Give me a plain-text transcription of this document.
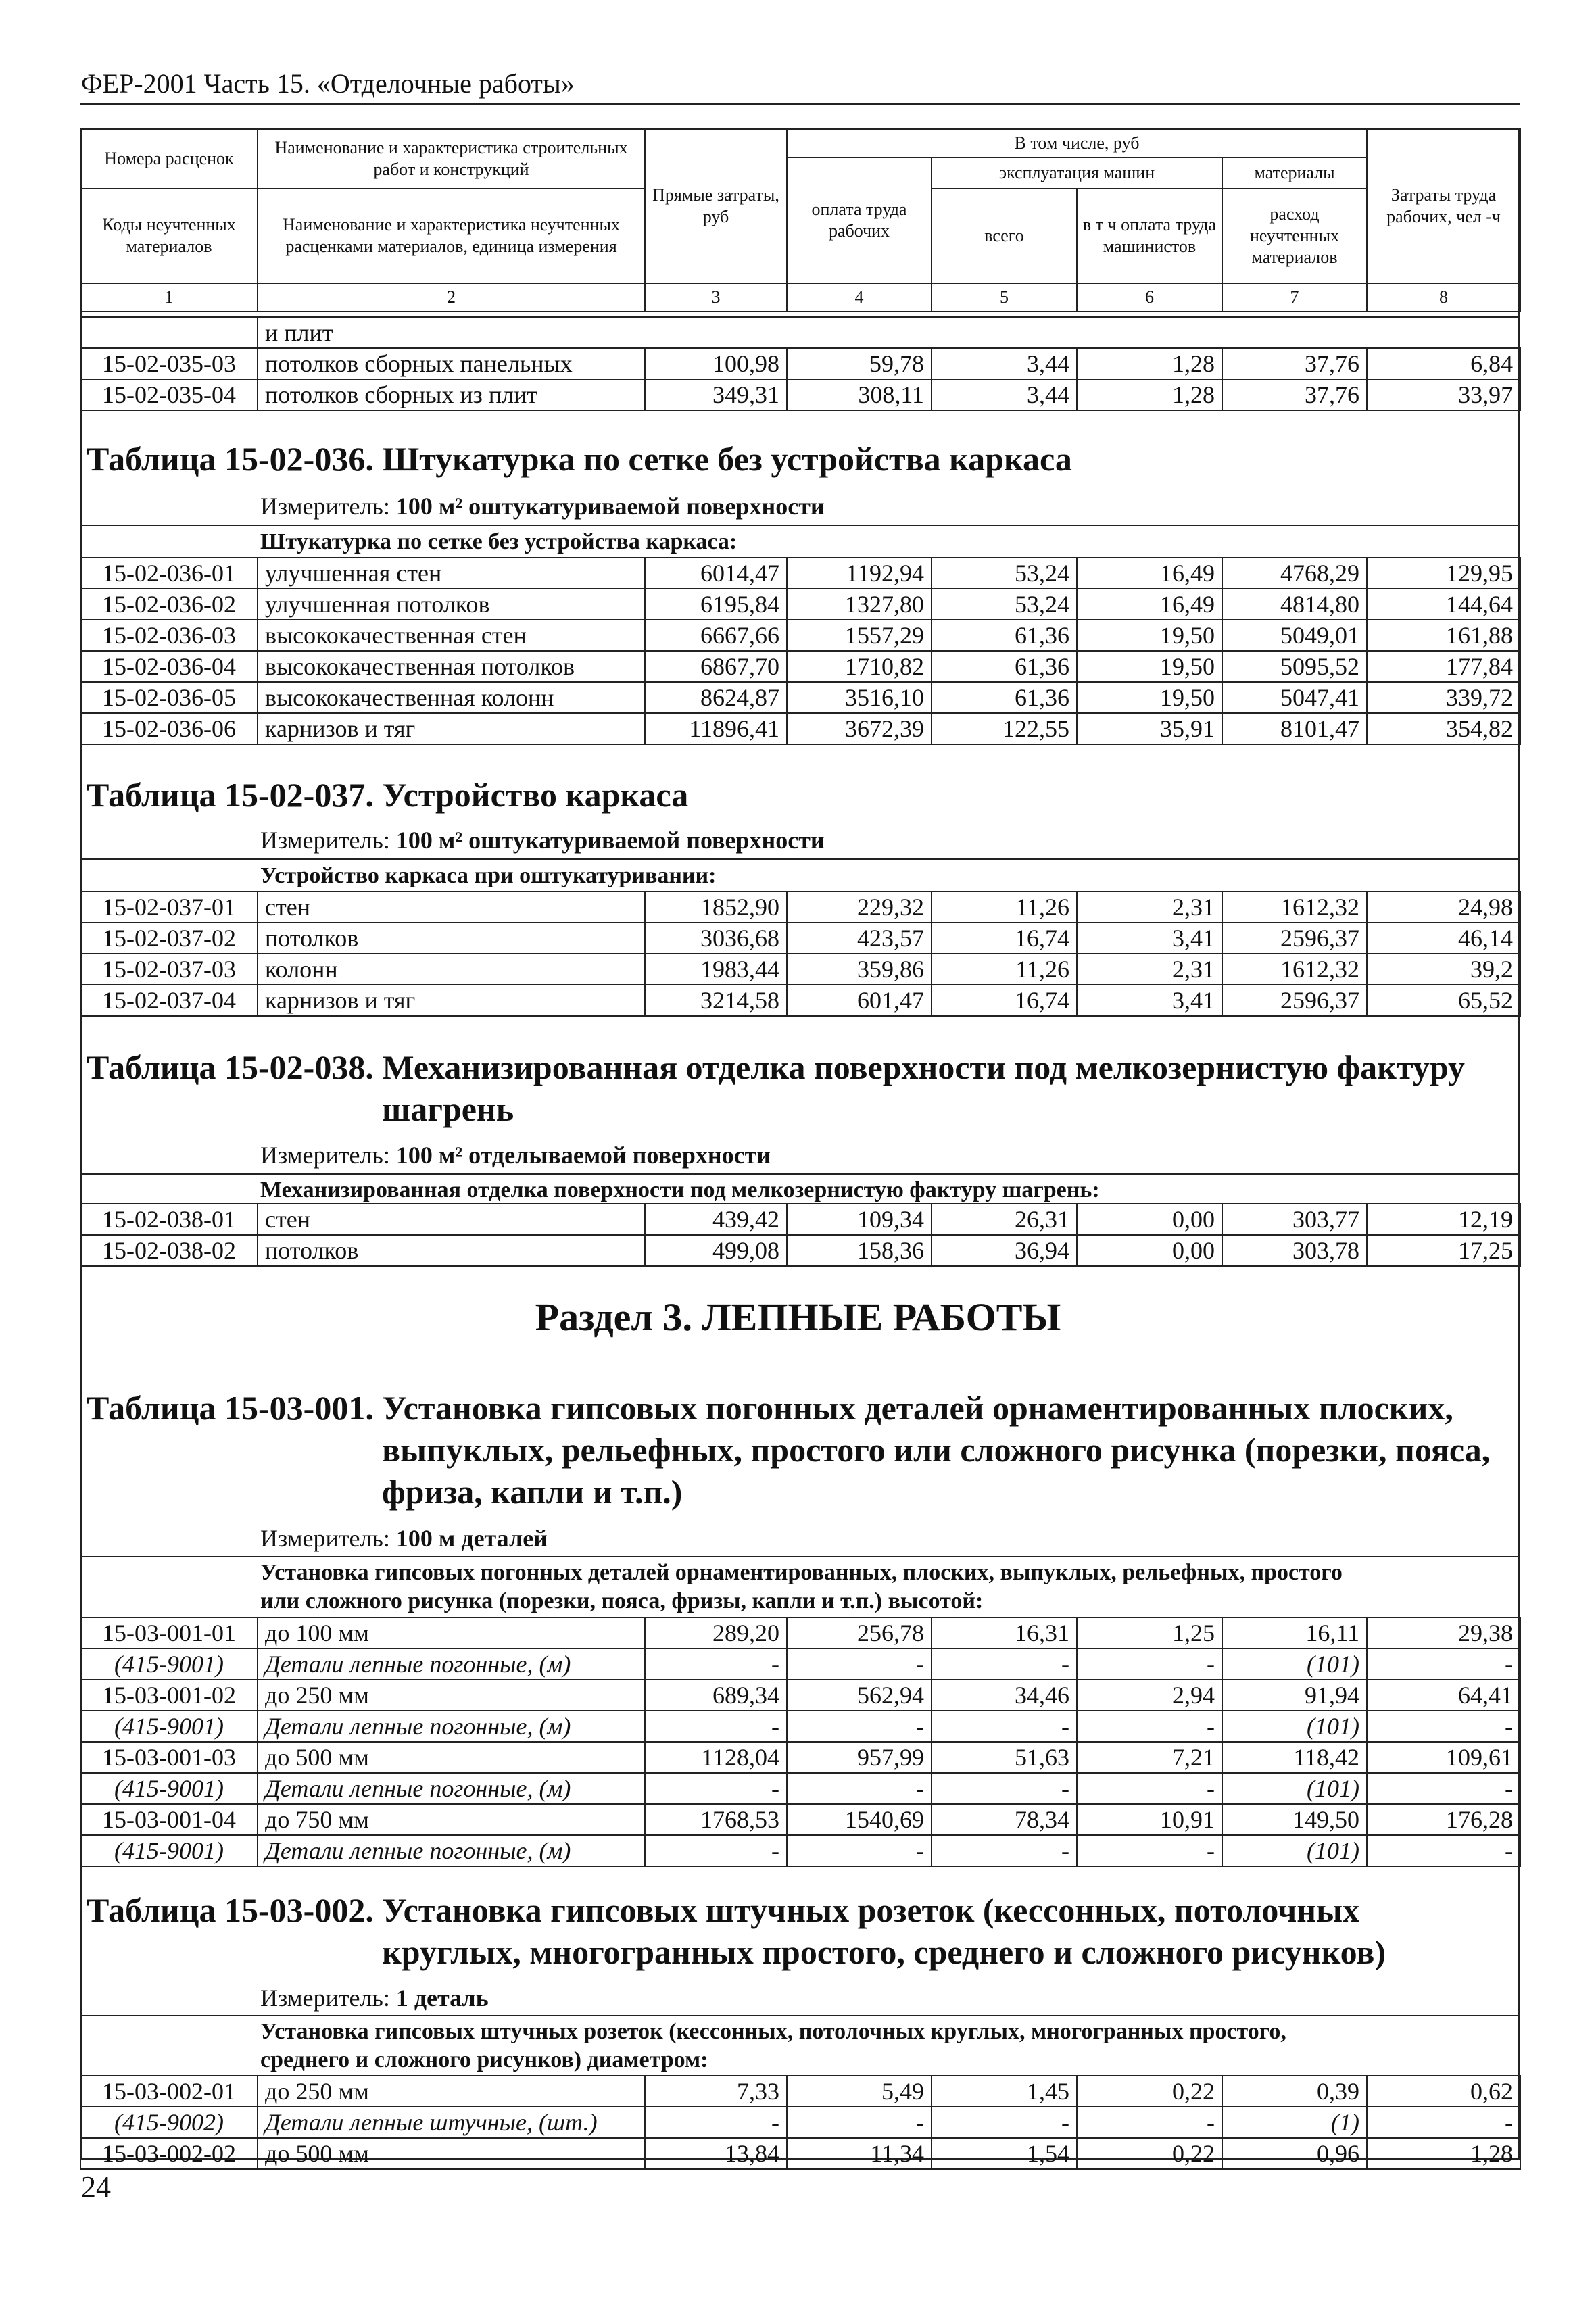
ФЕР-2001 Часть 15. «Отделочные работы»
Номера расценок	Наименование и характеристика строительных работ и конструкций	Прямые затраты, руб	В том числе, руб				Затраты труда рабочих, чел -ч
			оплата труда рабочих	эксплуатация машин		материалы	
Коды неучтенных материалов	Наименование и характеристика неучтенных расценками материалов, единица измерения			всего	в т ч оплата труда машинистов	расход неучтенных материалов	

1	2	3	4	5	6	7	8
	и плит						
15-02-035-03	потолков сборных панельных	100,98	59,78	3,44	1,28	37,76	6,84
15-02-035-04	потолков сборных из плит	349,31	308,11	3,44	1,28	37,76	33,97
Таблица 15-02-036. Штукатурка по сетке без устройства каркаса
Измеритель: 100 м² оштукатуриваемой поверхности
Штукатурка по сетке без устройства каркаса:
15-02-036-01	улучшенная стен	6014,47	1192,94	53,24	16,49	4768,29	129,95
15-02-036-02	улучшенная потолков	6195,84	1327,80	53,24	16,49	4814,80	144,64
15-02-036-03	высококачественная стен	6667,66	1557,29	61,36	19,50	5049,01	161,88
15-02-036-04	высококачественная потолков	6867,70	1710,82	61,36	19,50	5095,52	177,84
15-02-036-05	высококачественная колонн	8624,87	3516,10	61,36	19,50	5047,41	339,72
15-02-036-06	карнизов и тяг	11896,41	3672,39	122,55	35,91	8101,47	354,82
Таблица 15-02-037. Устройство каркаса
Измеритель: 100 м² оштукатуриваемой поверхности
Устройство каркаса при оштукатуривании:
15-02-037-01	стен	1852,90	229,32	11,26	2,31	1612,32	24,98
15-02-037-02	потолков	3036,68	423,57	16,74	3,41	2596,37	46,14
15-02-037-03	колонн	1983,44	359,86	11,26	2,31	1612,32	39,2
15-02-037-04	карнизов и тяг	3214,58	601,47	16,74	3,41	2596,37	65,52
Таблица 15-02-038. Механизированная отделка поверхности под мелкозернистую фактуру
шагрень
Измеритель: 100 м² отделываемой поверхности
Механизированная отделка поверхности под мелкозернистую фактуру шагрень:
15-02-038-01	стен	439,42	109,34	26,31	0,00	303,77	12,19
15-02-038-02	потолков	499,08	158,36	36,94	0,00	303,78	17,25
Раздел 3. ЛЕПНЫЕ РАБОТЫ
Таблица 15-03-001. Установка гипсовых погонных деталей орнаментированных плоских,
выпуклых, рельефных, простого или сложного рисунка (порезки, пояса,
фриза, капли и т.п.)
Измеритель: 100 м деталей
Установка гипсовых погонных деталей орнаментированных, плоских, выпуклых, рельефных, простого
или сложного рисунка (порезки, пояса, фризы, капли и т.п.) высотой:
15-03-001-01	до 100 мм	289,20	256,78	16,31	1,25	16,11	29,38
(415-9001)	Детали лепные погонные, (м)	-	-	-	-	(101)	-
15-03-001-02	до 250 мм	689,34	562,94	34,46	2,94	91,94	64,41
(415-9001)	Детали лепные погонные, (м)	-	-	-	-	(101)	-
15-03-001-03	до 500 мм	1128,04	957,99	51,63	7,21	118,42	109,61
(415-9001)	Детали лепные погонные, (м)	-	-	-	-	(101)	-
15-03-001-04	до 750 мм	1768,53	1540,69	78,34	10,91	149,50	176,28
(415-9001)	Детали лепные погонные, (м)	-	-	-	-	(101)	-
Таблица 15-03-002. Установка гипсовых штучных розеток (кессонных, потолочных
круглых, многогранных простого, среднего и сложного рисунков)
Измеритель: 1 деталь
Установка гипсовых штучных розеток (кессонных, потолочных круглых, многогранных простого,
среднего и сложного рисунков) диаметром:
15-03-002-01	до 250 мм	7,33	5,49	1,45	0,22	0,39	0,62
(415-9002)	Детали лепные штучные, (шт.)	-	-	-	-	(1)	-
15-03-002-02	до 500 мм	13,84	11,34	1,54	0,22	0,96	1,28
24
